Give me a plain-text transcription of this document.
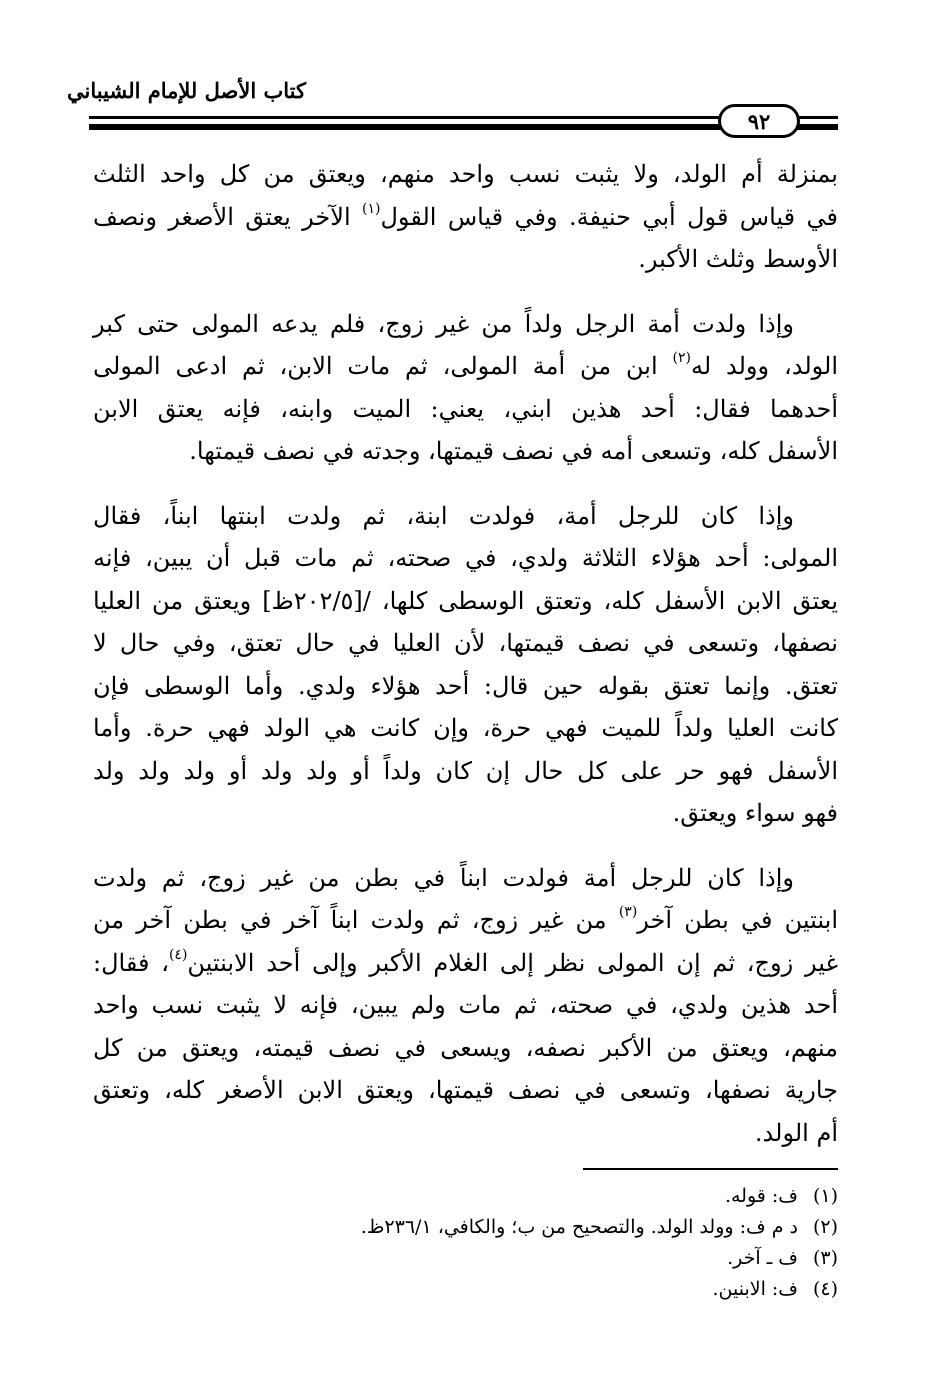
كتاب الأصل للإمام الشيباني
٩٢

بمنزلة أم الولد، ولا يثبت نسب واحد منهم، ويعتق من كل واحد الثلث
في قياس قول أبي حنيفة. وفي قياس القول$^{(١)}$ الآخر يعتق الأصغر ونصف
الأوسط وثلث الأكبر.

وإذا ولدت أمة الرجل ولداً من غير زوج، فلم يدعه المولى حتى كبر
الولد، وولد له$^{(٢)}$ ابن من أمة المولى، ثم مات الابن، ثم ادعى المولى
أحدهما فقال: أحد هذين ابني، يعني: الميت وابنه، فإنه يعتق الابن
الأسفل كله، وتسعى أمه في نصف قيمتها، وجدته في نصف قيمتها.

وإذا كان للرجل أمة، فولدت ابنة، ثم ولدت ابنتها ابناً، فقال
المولى: أحد هؤلاء الثلاثة ولدي، في صحته، ثم مات قبل أن يبين، فإنه
يعتق الابن الأسفل كله، وتعتق الوسطى كلها، /[٢٠٢/٥ظ] ويعتق من العليا
نصفها، وتسعى في نصف قيمتها، لأن العليا في حال تعتق، وفي حال لا
تعتق. وإنما تعتق بقوله حين قال: أحد هؤلاء ولدي. وأما الوسطى فإن
كانت العليا ولداً للميت فهي حرة، وإن كانت هي الولد فهي حرة. وأما
الأسفل فهو حر على كل حال إن كان ولداً أو ولد ولد أو ولد ولد ولد
فهو سواء ويعتق.

وإذا كان للرجل أمة فولدت ابناً في بطن من غير زوج، ثم ولدت
ابنتين في بطن آخر$^{(٣)}$ من غير زوج، ثم ولدت ابناً آخر في بطن آخر من
غير زوج، ثم إن المولى نظر إلى الغلام الأكبر وإلى أحد الابنتين$^{(٤)}$، فقال:
أحد هذين ولدي، في صحته، ثم مات ولم يبين، فإنه لا يثبت نسب واحد
منهم، ويعتق من الأكبر نصفه، ويسعى في نصف قيمته، ويعتق من كل
جارية نصفها، وتسعى في نصف قيمتها، ويعتق الابن الأصغر كله، وتعتق
أم الولد.

(١)ف: قوله.
(٢)د م ف: وولد الولد. والتصحيح من ب؛ والكافي، ٢٣٦/١ظ.
(٣)ف ـ آخر.
(٤)ف: الابنين.
